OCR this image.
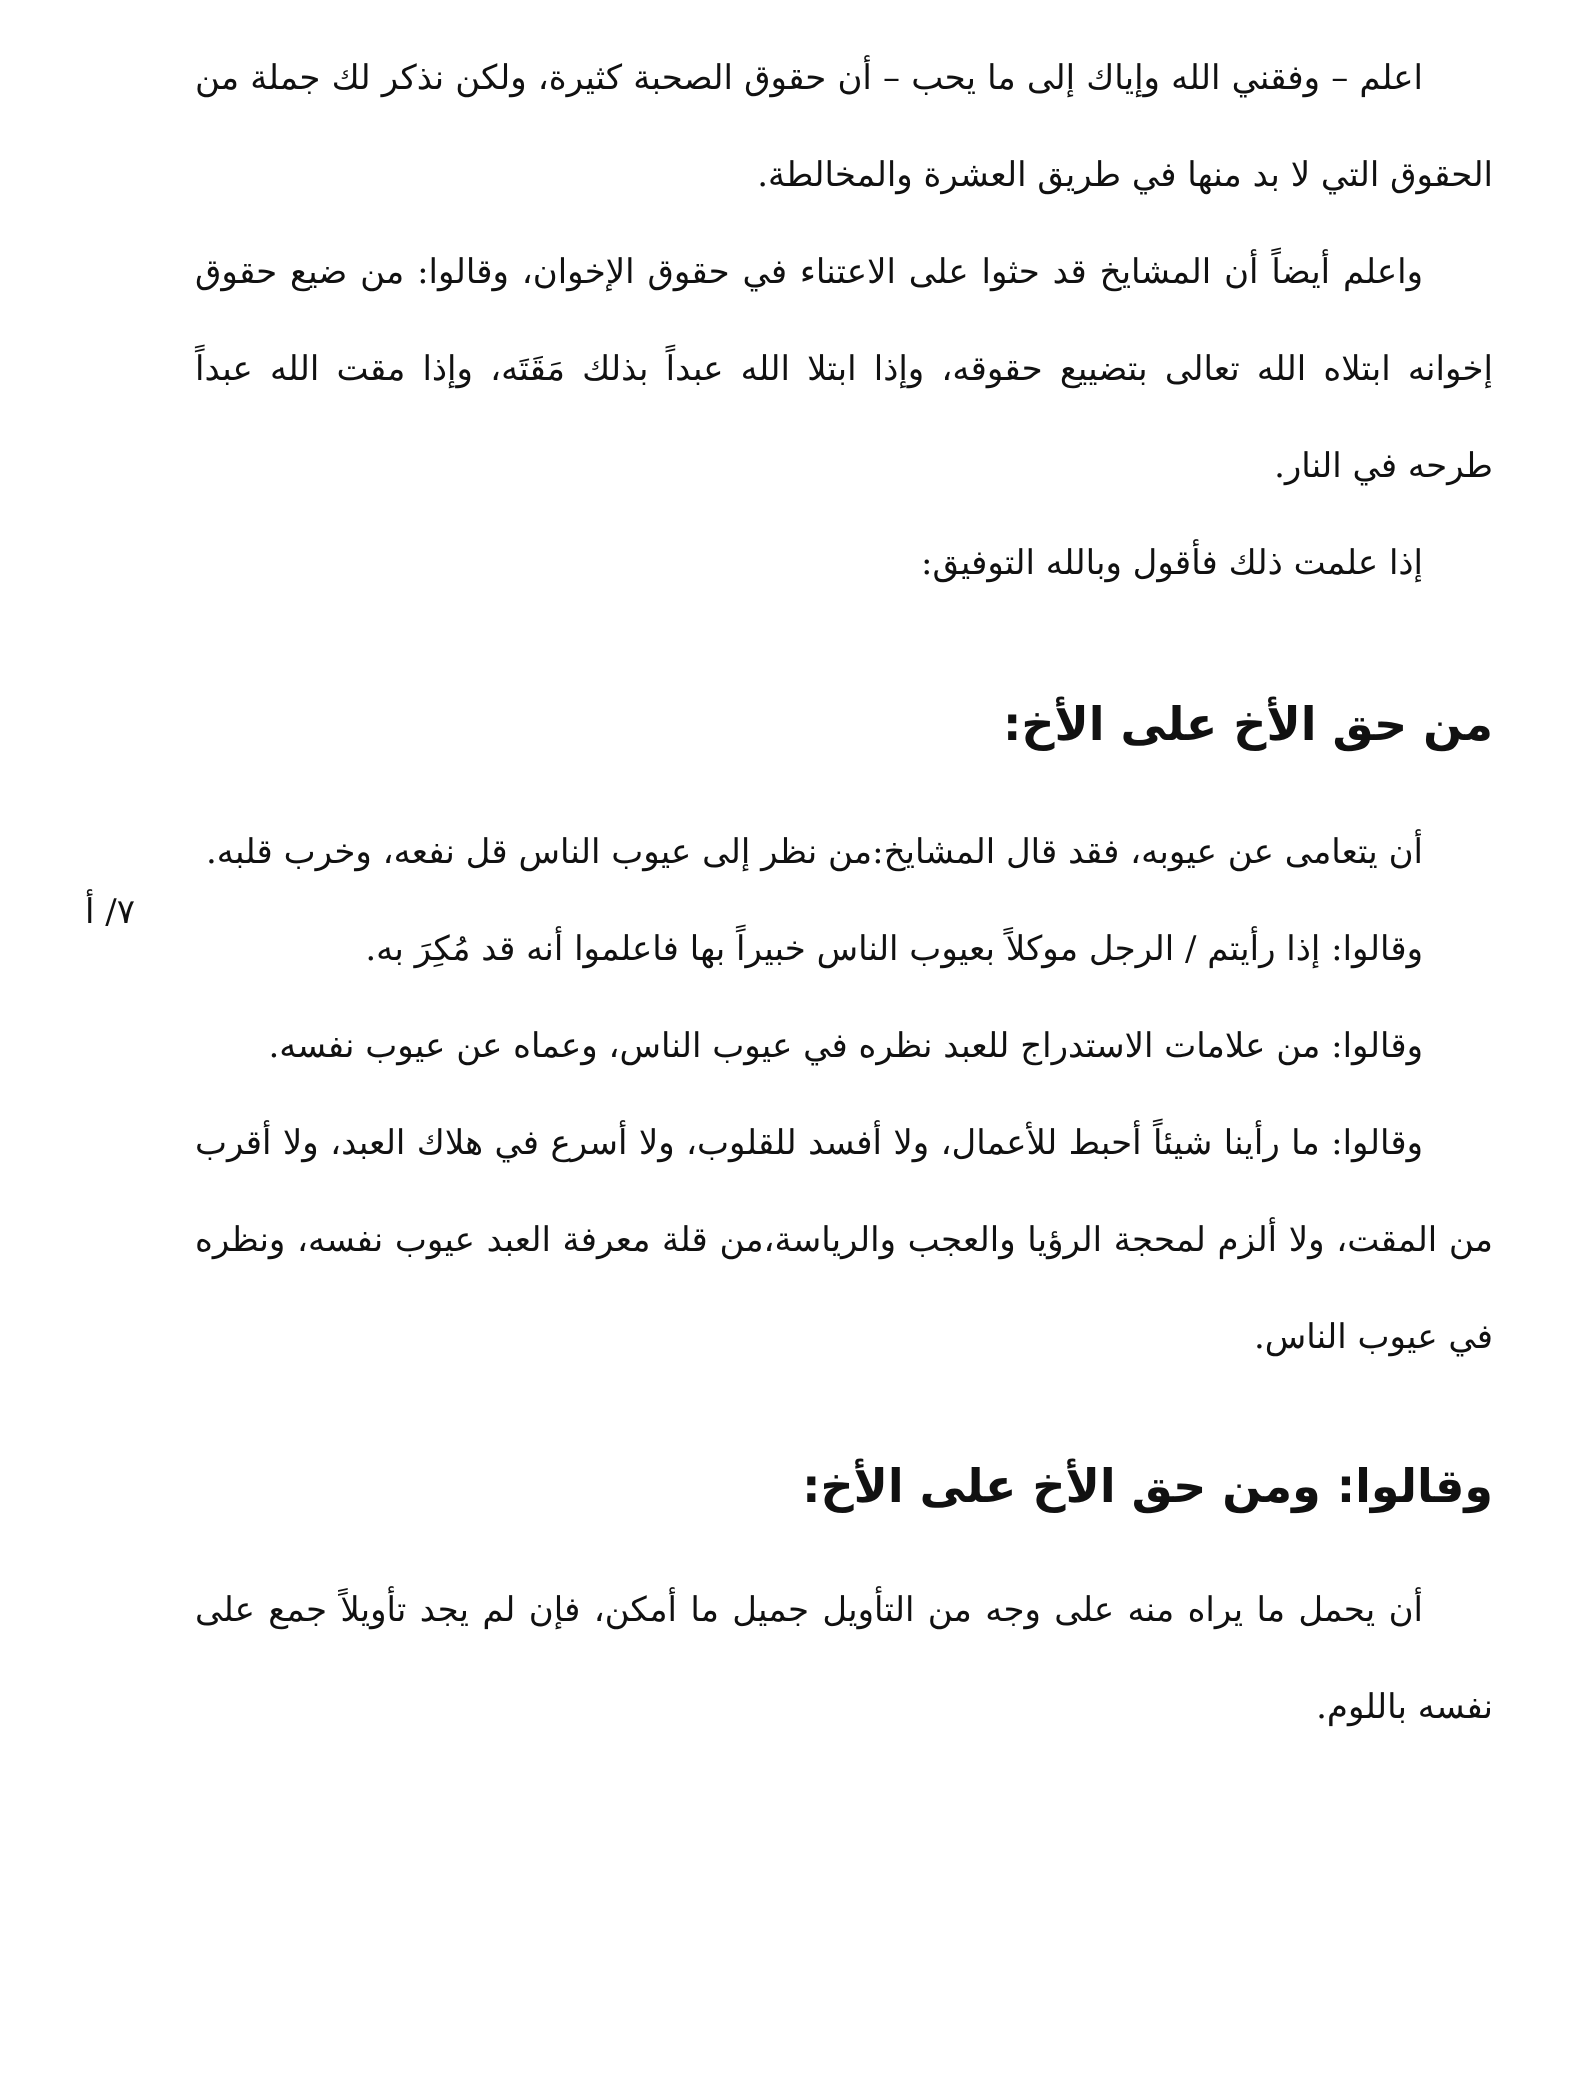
اعلم – وفقني الله وإياك إلى ما يحب – أن حقوق الصحبة كثيرة، ولكن نذكر لك جملة من الحقوق التي لا بد منها في طريق العشرة والمخالطة.

واعلم أيضاً أن المشايخ قد حثوا على الاعتناء في حقوق الإخوان، وقالوا: من ضيع حقوق إخوانه ابتلاه الله تعالى بتضييع حقوقه، وإذا ابتلا الله عبداً بذلك مَقَتَه، وإذا مقت الله عبداً طرحه في النار.

إذا علمت ذلك فأقول وبالله التوفيق:

من حق الأخ على الأخ:

أن يتعامى عن عيوبه، فقد قال المشايخ:من نظر إلى عيوب الناس قل نفعه، وخرب قلبه.

وقالوا: إذا رأيتم / الرجل موكلاً بعيوب الناس خبيراً بها فاعلموا أنه قد مُكِرَ به.

وقالوا: من علامات الاستدراج للعبد نظره في عيوب الناس، وعماه عن عيوب نفسه.

وقالوا: ما رأينا شيئاً أحبط للأعمال، ولا أفسد للقلوب، ولا أسرع في هلاك العبد، ولا أقرب من المقت، ولا ألزم لمحجة الرؤيا والعجب والرياسة،من قلة معرفة العبد عيوب نفسه، ونظره في عيوب الناس.

وقالوا: ومن حق الأخ على الأخ:

أن يحمل ما يراه منه على وجه من التأويل جميل ما أمكن، فإن لم يجد تأويلاً جمع على نفسه باللوم.

٧/ أ
